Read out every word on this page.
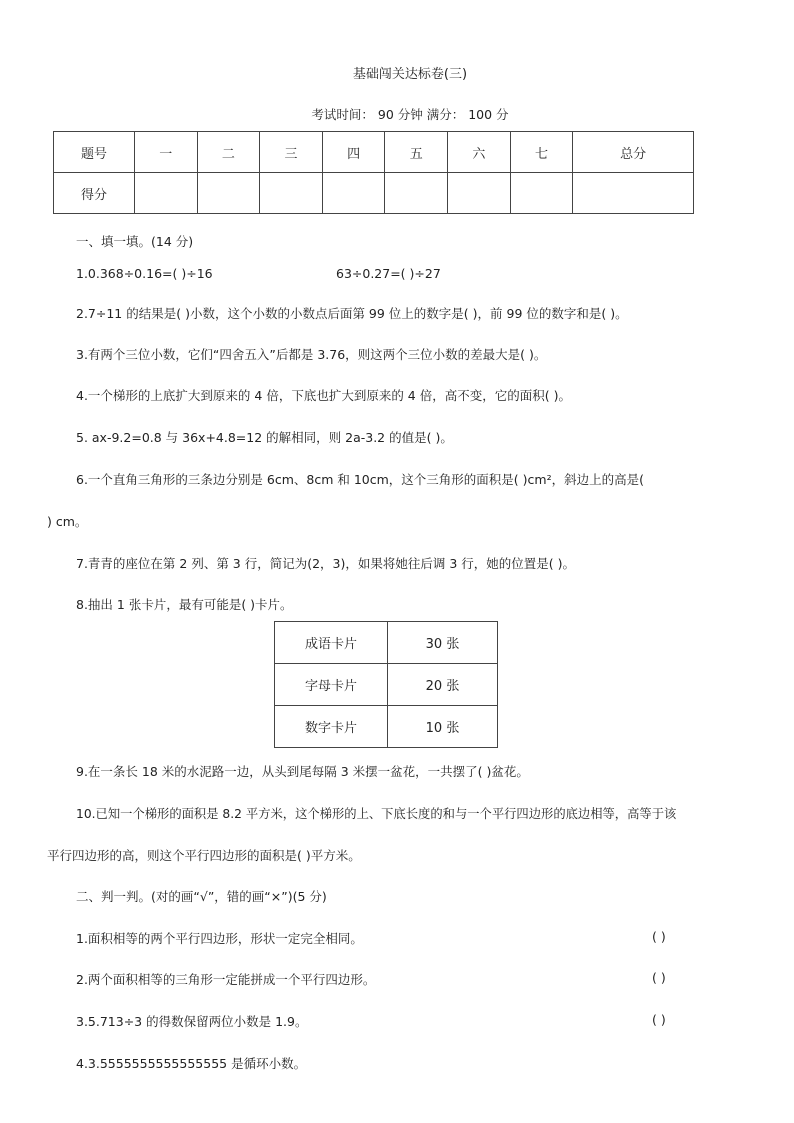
基础闯关达标卷(三)
考试时间： 90 分钟 满分： 100 分
题号	一	二	三	四	五	六	七	总分
得分								
一、填一填。(14 分)
1.0.368÷0.16=( )÷16	63÷0.27=( )÷27
2.7÷11 的结果是( )小数，这个小数的小数点后面第 99 位上的数字是( )，前 99 位的数字和是( )。
3.有两个三位小数，它们“四舍五入”后都是 3.76，则这两个三位小数的差最大是( )。
4.一个梯形的上底扩大到原来的 4 倍，下底也扩大到原来的 4 倍，高不变，它的面积( )。
5. ax-9.2=0.8 与 36x+4.8=12 的解相同，则 2a-3.2 的值是( )。
6.一个直角三角形的三条边分别是 6cm、8cm 和 10cm，这个三角形的面积是( )cm²，斜边上的高是(
) cm。
7.青青的座位在第 2 列、第 3 行，简记为(2，3)，如果将她往后调 3 行，她的位置是( )。
8.抽出 1 张卡片，最有可能是( )卡片。
成语卡片	30 张
字母卡片	20 张
数字卡片	10 张
9.在一条长 18 米的水泥路一边，从头到尾每隔 3 米摆一盆花，一共摆了( )盆花。
10.已知一个梯形的面积是 8.2 平方米，这个梯形的上、下底长度的和与一个平行四边形的底边相等，高等于该
平行四边形的高，则这个平行四边形的面积是( )平方米。
二、判一判。(对的画“√”，错的画“×”)(5 分)
1.面积相等的两个平行四边形，形状一定完全相同。	( )
2.两个面积相等的三角形一定能拼成一个平行四边形。	( )
3.5.713÷3 的得数保留两位小数是 1.9。	( )
4.3.5555555555555555 是循环小数。
